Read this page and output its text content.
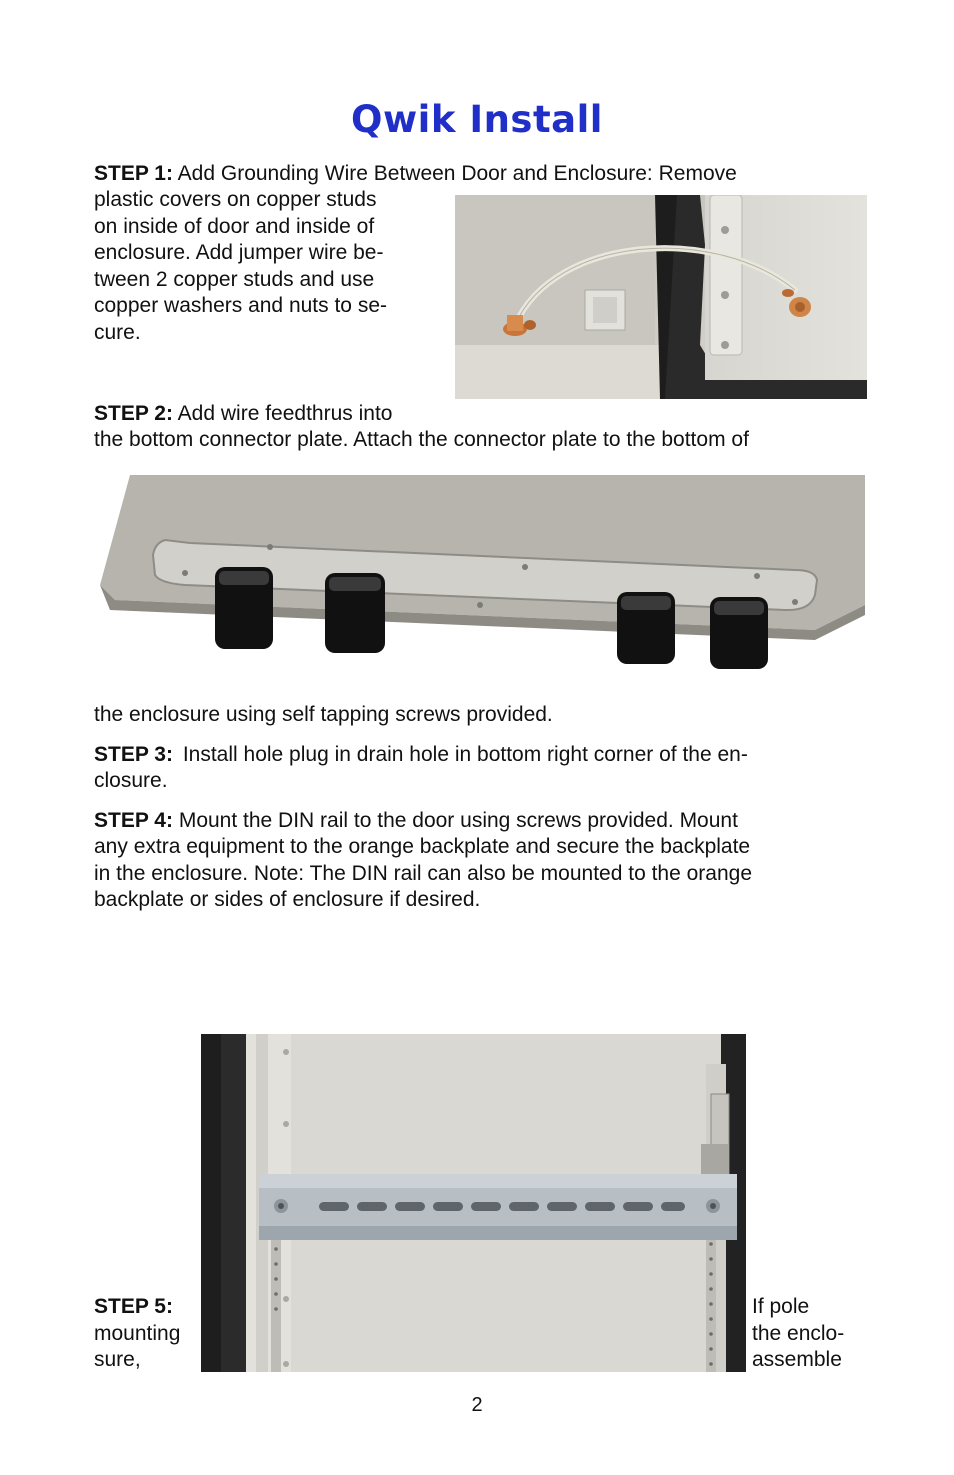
Qwik Install

STEP 1: Add Grounding Wire Between Door and Enclosure: Remove

plastic covers on copper studs
on inside of door and inside of
enclosure. Add jumper wire be-
tween 2 copper studs and use
copper washers and nuts to se-
cure.

STEP 2: Add wire feedthrus into

the bottom connector plate. Attach the connector plate to the bottom of

the enclosure using self tapping screws provided.

STEP 3: Install hole plug in drain hole in bottom right corner of the en-

closure.

STEP 4: Mount the DIN rail to the door using screws provided. Mount

any extra equipment to the orange backplate and secure the backplate
in the enclosure. Note: The DIN rail can also be mounted to the orange
backplate or sides of enclosure if desired.
STEP 5:
mounting
sure,
If pole
the enclo-
assemble
2
